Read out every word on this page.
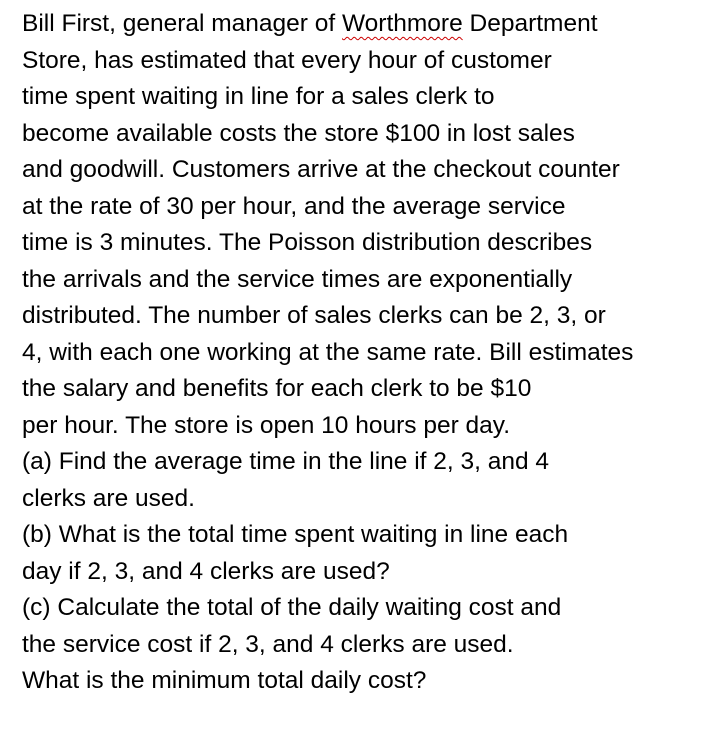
Bill First, general manager of Worthmore Department
Store, has estimated that every hour of customer
time spent waiting in line for a sales clerk to
become available costs the store $100 in lost sales
and goodwill. Customers arrive at the checkout counter
at the rate of 30 per hour, and the average service
time is 3 minutes. The Poisson distribution describes
the arrivals and the service times are exponentially
distributed. The number of sales clerks can be 2, 3, or
4, with each one working at the same rate. Bill estimates
the salary and benefits for each clerk to be $10
per hour. The store is open 10 hours per day.
(a) Find the average time in the line if 2, 3, and 4
clerks are used.
(b) What is the total time spent waiting in line each
day if 2, 3, and 4 clerks are used?
(c) Calculate the total of the daily waiting cost and
the service cost if 2, 3, and 4 clerks are used.
What is the minimum total daily cost?
